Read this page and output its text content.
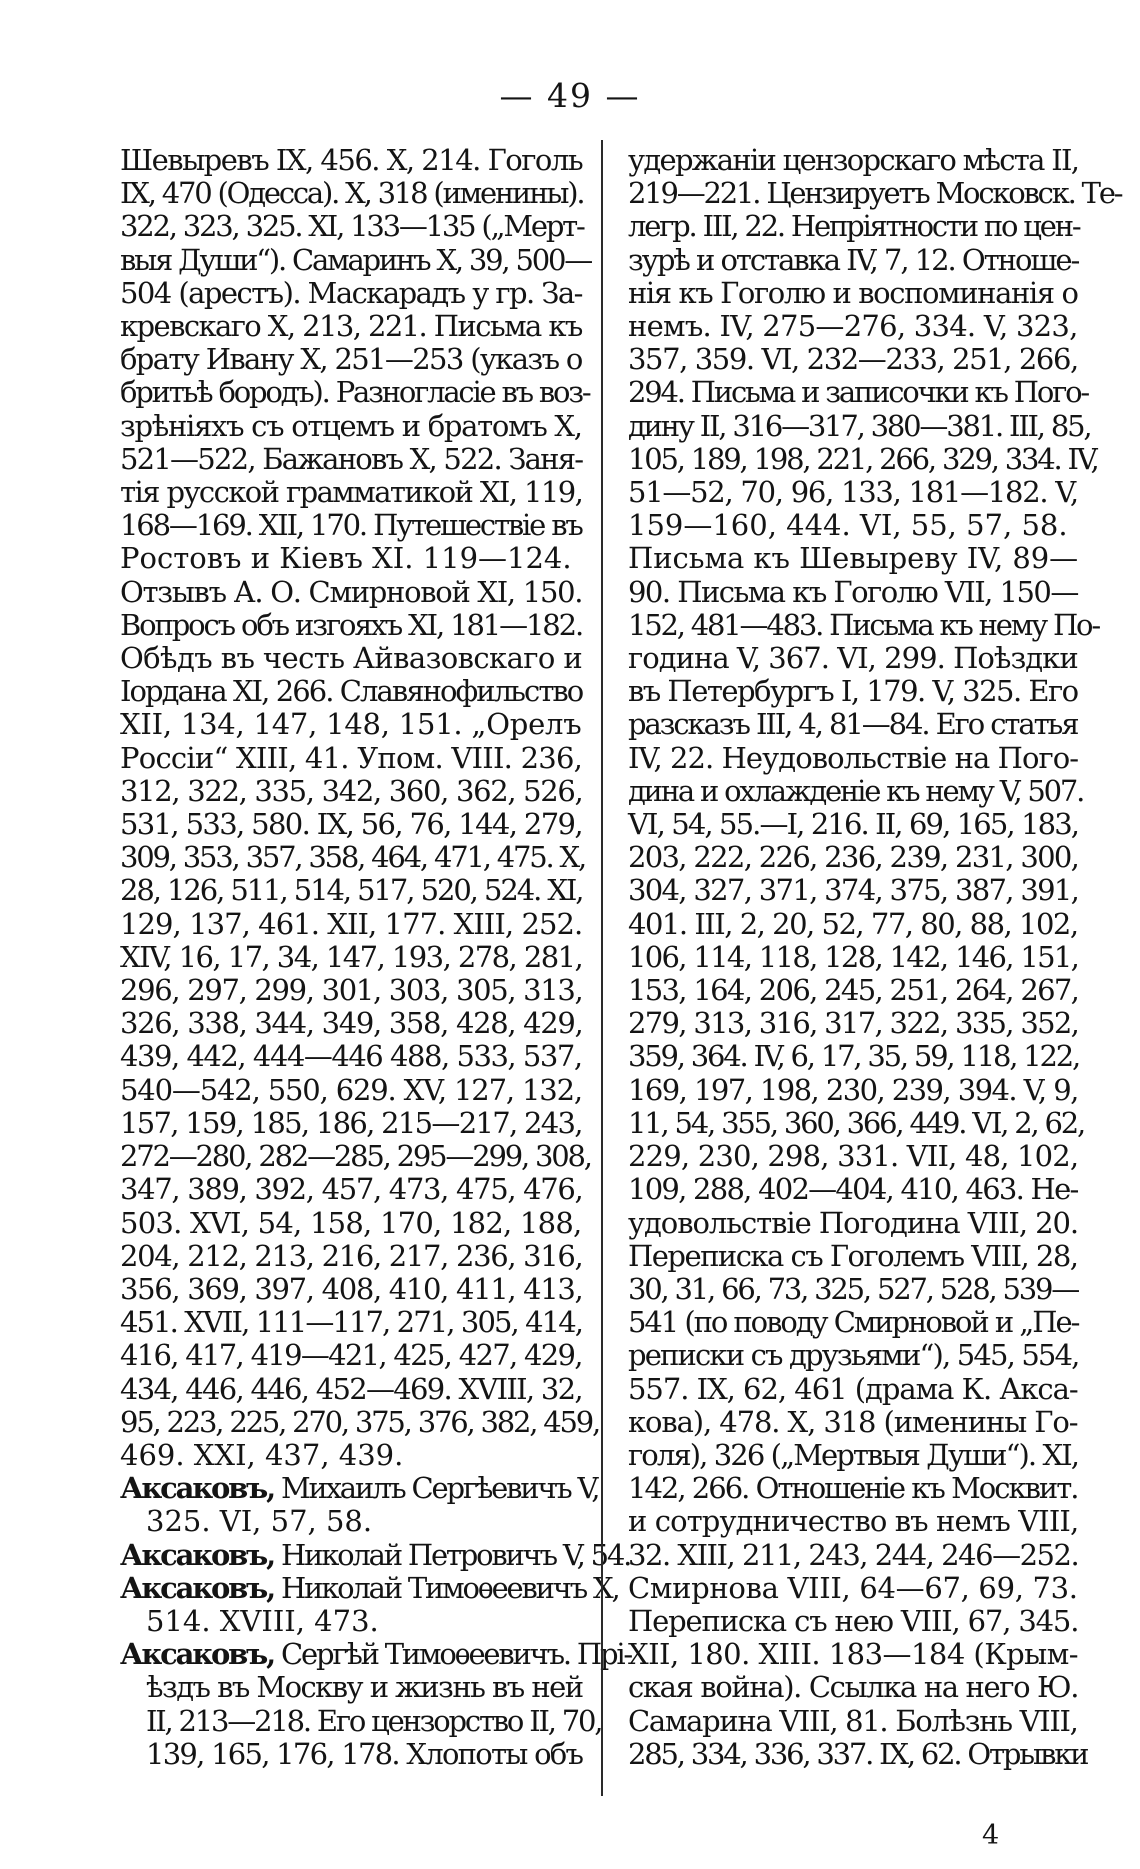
— 49 —
Шевыревъ IX, 456. X, 214. Гоголь
IX, 470 (Одесса). X, 318 (именины).
322, 323, 325. XI, 133—135 („Мерт-
выя Души“). Самаринъ X, 39, 500—
504 (арестъ). Маскарадъ у гр. За-
кревскаго X, 213, 221. Письма къ
брату Ивану X, 251—253 (указъ о
бритьѣ бородъ). Разногласіе въ воз-
зрѣніяхъ съ отцемъ и братомъ X,
521—522, Бажановъ X, 522. Заня-
тія русской грамматикой XI, 119,
168—169. XII, 170. Путешествіе въ
Ростовъ и Кіевъ XI. 119—124.
Отзывъ А. О. Смирновой XI, 150.
Вопросъ объ изгояхъ XI, 181—182.
Обѣдъ въ честь Айвазовскаго и
Іордана XI, 266. Славянофильство
XII, 134, 147, 148, 151. „Орелъ
Россіи“ XIII, 41. Упом. VIII. 236,
312, 322, 335, 342, 360, 362, 526,
531, 533, 580. IX, 56, 76, 144, 279,
309, 353, 357, 358, 464, 471, 475. X,
28, 126, 511, 514, 517, 520, 524. XI,
129, 137, 461. XII, 177. XIII, 252.
XIV, 16, 17, 34, 147, 193, 278, 281,
296, 297, 299, 301, 303, 305, 313,
326, 338, 344, 349, 358, 428, 429,
439, 442, 444—446 488, 533, 537,
540—542, 550, 629. XV, 127, 132,
157, 159, 185, 186, 215—217, 243,
272—280, 282—285, 295—299, 308,
347, 389, 392, 457, 473, 475, 476,
503. XVI, 54, 158, 170, 182, 188,
204, 212, 213, 216, 217, 236, 316,
356, 369, 397, 408, 410, 411, 413,
451. XVII, 111—117, 271, 305, 414,
416, 417, 419—421, 425, 427, 429,
434, 446, 446, 452—469. XVIII, 32,
95, 223, 225, 270, 375, 376, 382, 459,
469. XXI, 437, 439.
Аксаковъ, Михаилъ Сергѣевичъ V,
325. VI, 57, 58.
Аксаковъ, Николай Петровичъ V, 54.
Аксаковъ, Николай Тимоѳеевичъ X,
514. XVIII, 473.
Аксаковъ, Сергѣй Тимоѳеевичъ. Прі-
ѣздъ въ Москву и жизнь въ ней
II, 213—218. Его цензорство II, 70,
139, 165, 176, 178. Хлопоты объ
удержаніи цензорскаго мѣста II,
219—221. Цензируетъ Московск. Те-
легр. III, 22. Непріятности по цен-
зурѣ и отставка IV, 7, 12. Отноше-
нія къ Гоголю и воспоминанія о
немъ. IV, 275—276, 334. V, 323,
357, 359. VI, 232—233, 251, 266,
294. Письма и записочки къ Пого-
дину II, 316—317, 380—381. III, 85,
105, 189, 198, 221, 266, 329, 334. IV,
51—52, 70, 96, 133, 181—182. V,
159—160, 444. VI, 55, 57, 58.
Письма къ Шевыреву IV, 89—
90. Письма къ Гоголю VII, 150—
152, 481—483. Письма къ нему По-
година V, 367. VI, 299. Поѣздки
въ Петербургъ I, 179. V, 325. Его
разсказъ III, 4, 81—84. Его статья
IV, 22. Неудовольствіе на Пого-
дина и охлажденіе къ нему V, 507.
VI, 54, 55.—I, 216. II, 69, 165, 183,
203, 222, 226, 236, 239, 231, 300,
304, 327, 371, 374, 375, 387, 391,
401. III, 2, 20, 52, 77, 80, 88, 102,
106, 114, 118, 128, 142, 146, 151,
153, 164, 206, 245, 251, 264, 267,
279, 313, 316, 317, 322, 335, 352,
359, 364. IV, 6, 17, 35, 59, 118, 122,
169, 197, 198, 230, 239, 394. V, 9,
11, 54, 355, 360, 366, 449. VI, 2, 62,
229, 230, 298, 331. VII, 48, 102,
109, 288, 402—404, 410, 463. Не-
удовольствіе Погодина VIII, 20.
Переписка съ Гоголемъ VIII, 28,
30, 31, 66, 73, 325, 527, 528, 539—
541 (по поводу Смирновой и „Пе-
реписки съ друзьями“), 545, 554,
557. IX, 62, 461 (драма К. Акса-
кова), 478. X, 318 (именины Го-
голя), 326 („Мертвыя Души“). XI,
142, 266. Отношеніе къ Москвит.
и сотрудничество въ немъ VIII,
32. XIII, 211, 243, 244, 246—252.
Смирнова VIII, 64—67, 69, 73.
Переписка съ нею VIII, 67, 345.
XII, 180. XIII. 183—184 (Крым-
ская война). Ссылка на него Ю.
Самарина VIII, 81. Болѣзнь VIII,
285, 334, 336, 337. IX, 62. Отрывки
4
